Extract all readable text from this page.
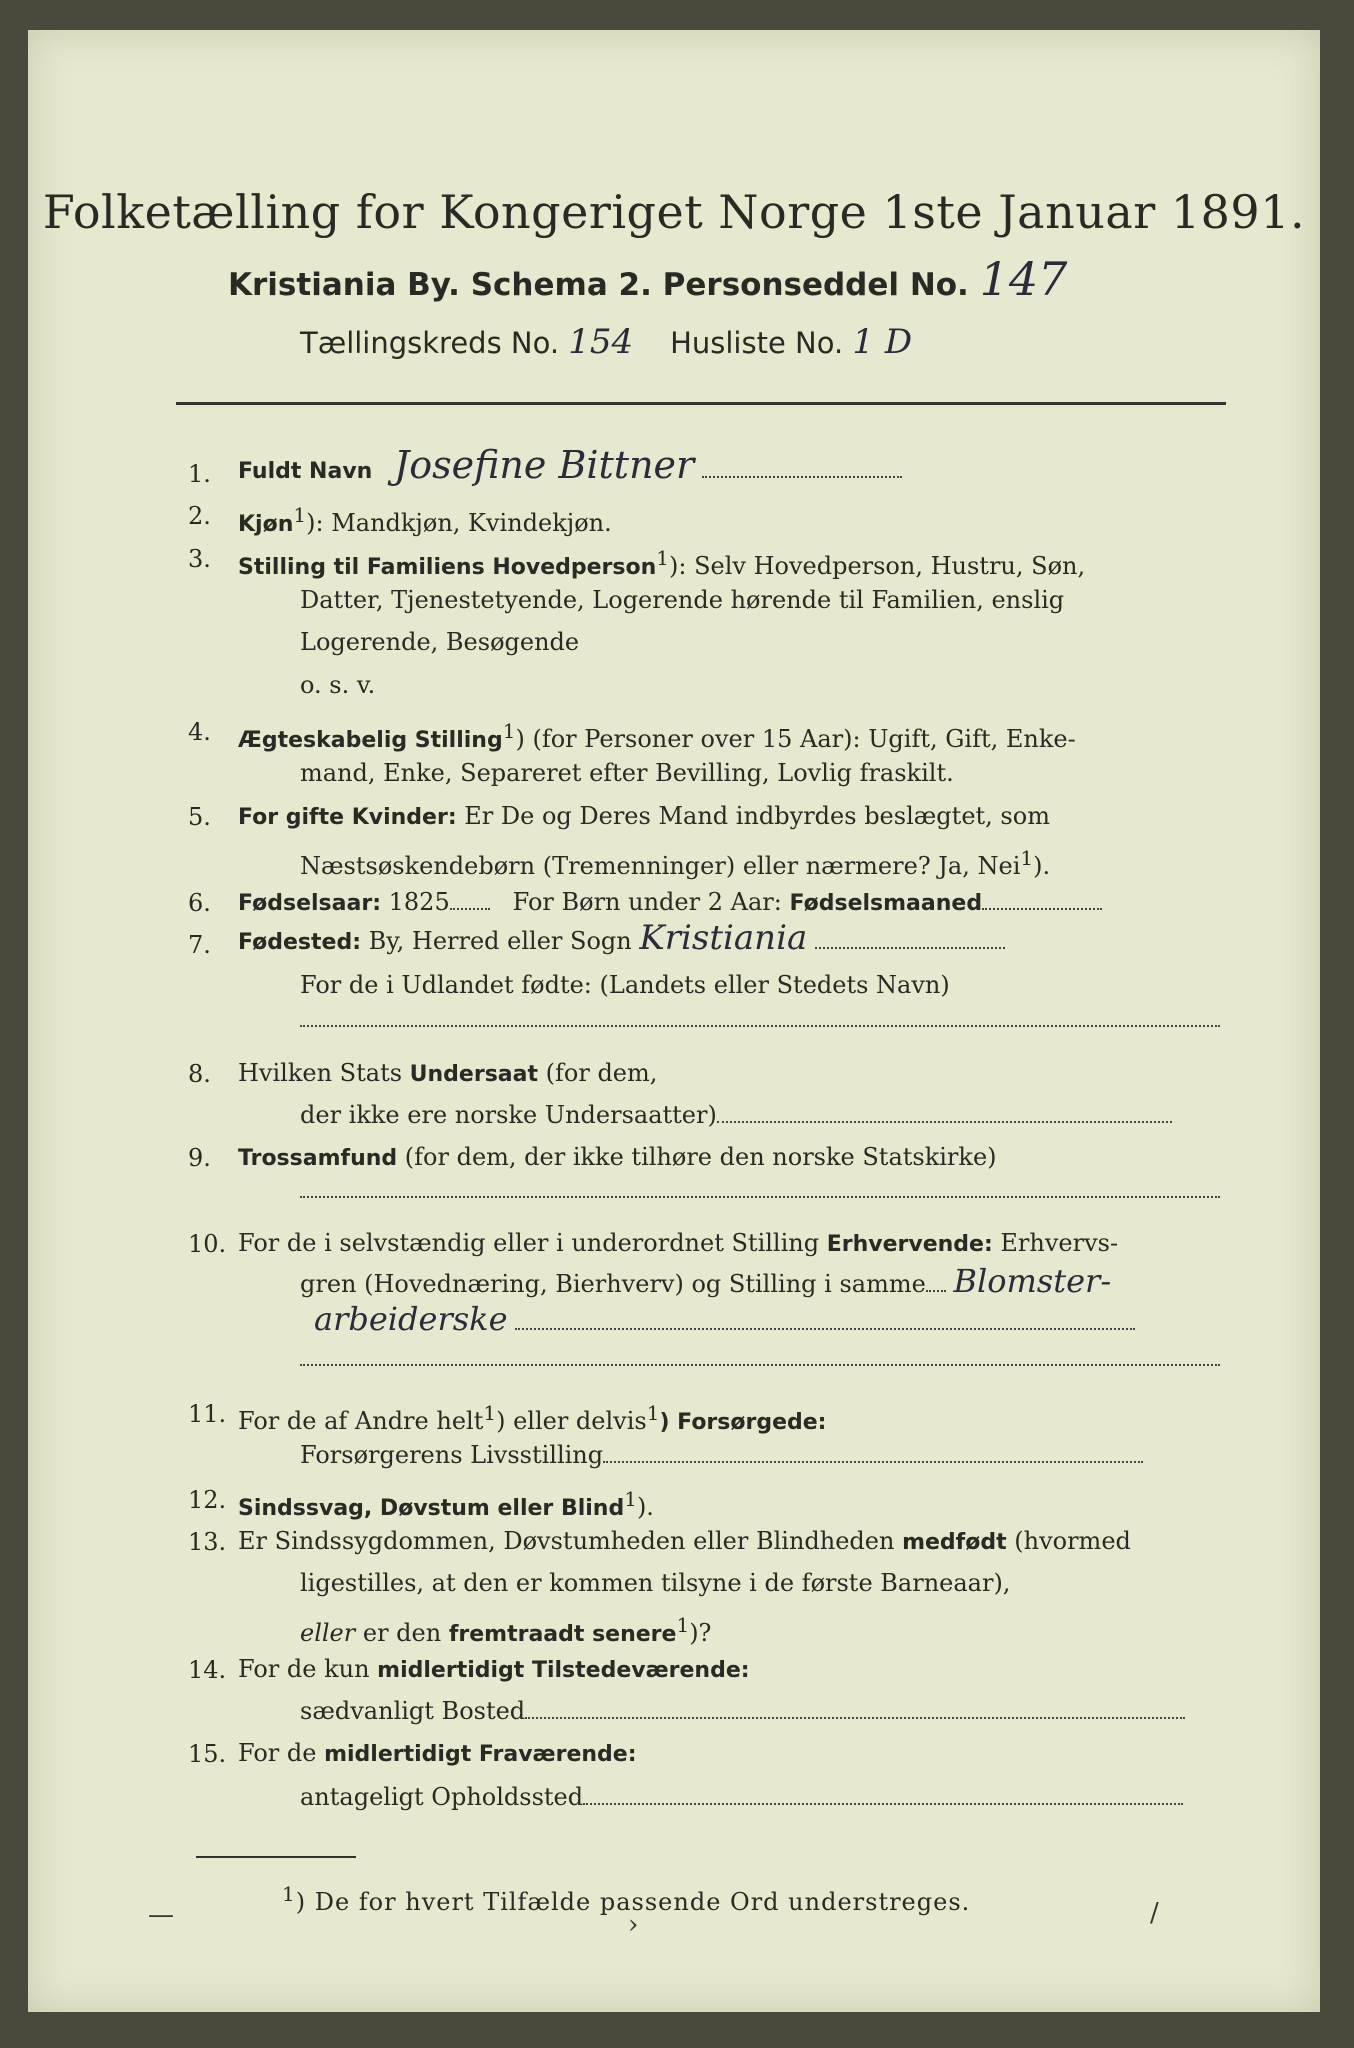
Folketælling for Kongeriget Norge 1ste Januar 1891.
Kristiania By. Schema 2. Personseddel No. 147
Tællingskreds No. 154 Husliste No. 1 D
1.	Fuldt Navn Josefine Bittner
2.	Kjøn$^1$): Mandkjøn, Kvindekjøn.
3.	Stilling til Familiens Hovedperson$^1$): Selv Hovedperson, Hustru, Søn,
Datter, Tjenestetyende, Logerende hørende til Familien, enslig
Logerende, Besøgende
o. s. v.
4.	Ægteskabelig Stilling$^1$) (for Personer over 15 Aar): Ugift, Gift, Enke-
mand, Enke, Separeret efter Bevilling, Lovlig fraskilt.
5.	For gifte Kvinder: Er De og Deres Mand indbyrdes beslægtet, som
Næstsøskendebørn (Tremenninger) eller nærmere? Ja, Nei$^1$).
6.	Fødselsaar: 1825	For Børn under 2 Aar: Fødselsmaaned
7.	Fødested: By, Herred eller Sogn Kristiania
For de i Udlandet fødte: (Landets eller Stedets Navn)
8.	Hvilken Stats Undersaat (for dem,
der ikke ere norske Undersaatter)
9.	Trossamfund (for dem, der ikke tilhøre den norske Statskirke)
10. For de i selvstændig eller i underordnet Stilling Erhvervende: Erhvervs-
gren (Hovednæring, Bierhverv) og Stilling i samme Blomster-
arbeiderske
11. For de af Andre helt$^1$) eller delvis$^1$) Forsørgede:
Forsørgerens Livsstilling
12. Sindssvag, Døvstum eller Blind$^1$).
13. Er Sindssygdommen, Døvstumheden eller Blindheden medfødt (hvormed
ligestilles, at den er kommen tilsyne i de første Barneaar),
eller er den fremtraadt senere$^1$)?
14. For de kun midlertidigt Tilstedeværende:
sædvanligt Bosted
15. For de midlertidigt Fraværende:
antageligt Opholdssted
$^1$) De for hvert Tilfælde passende Ord understreges.
—	›	/
